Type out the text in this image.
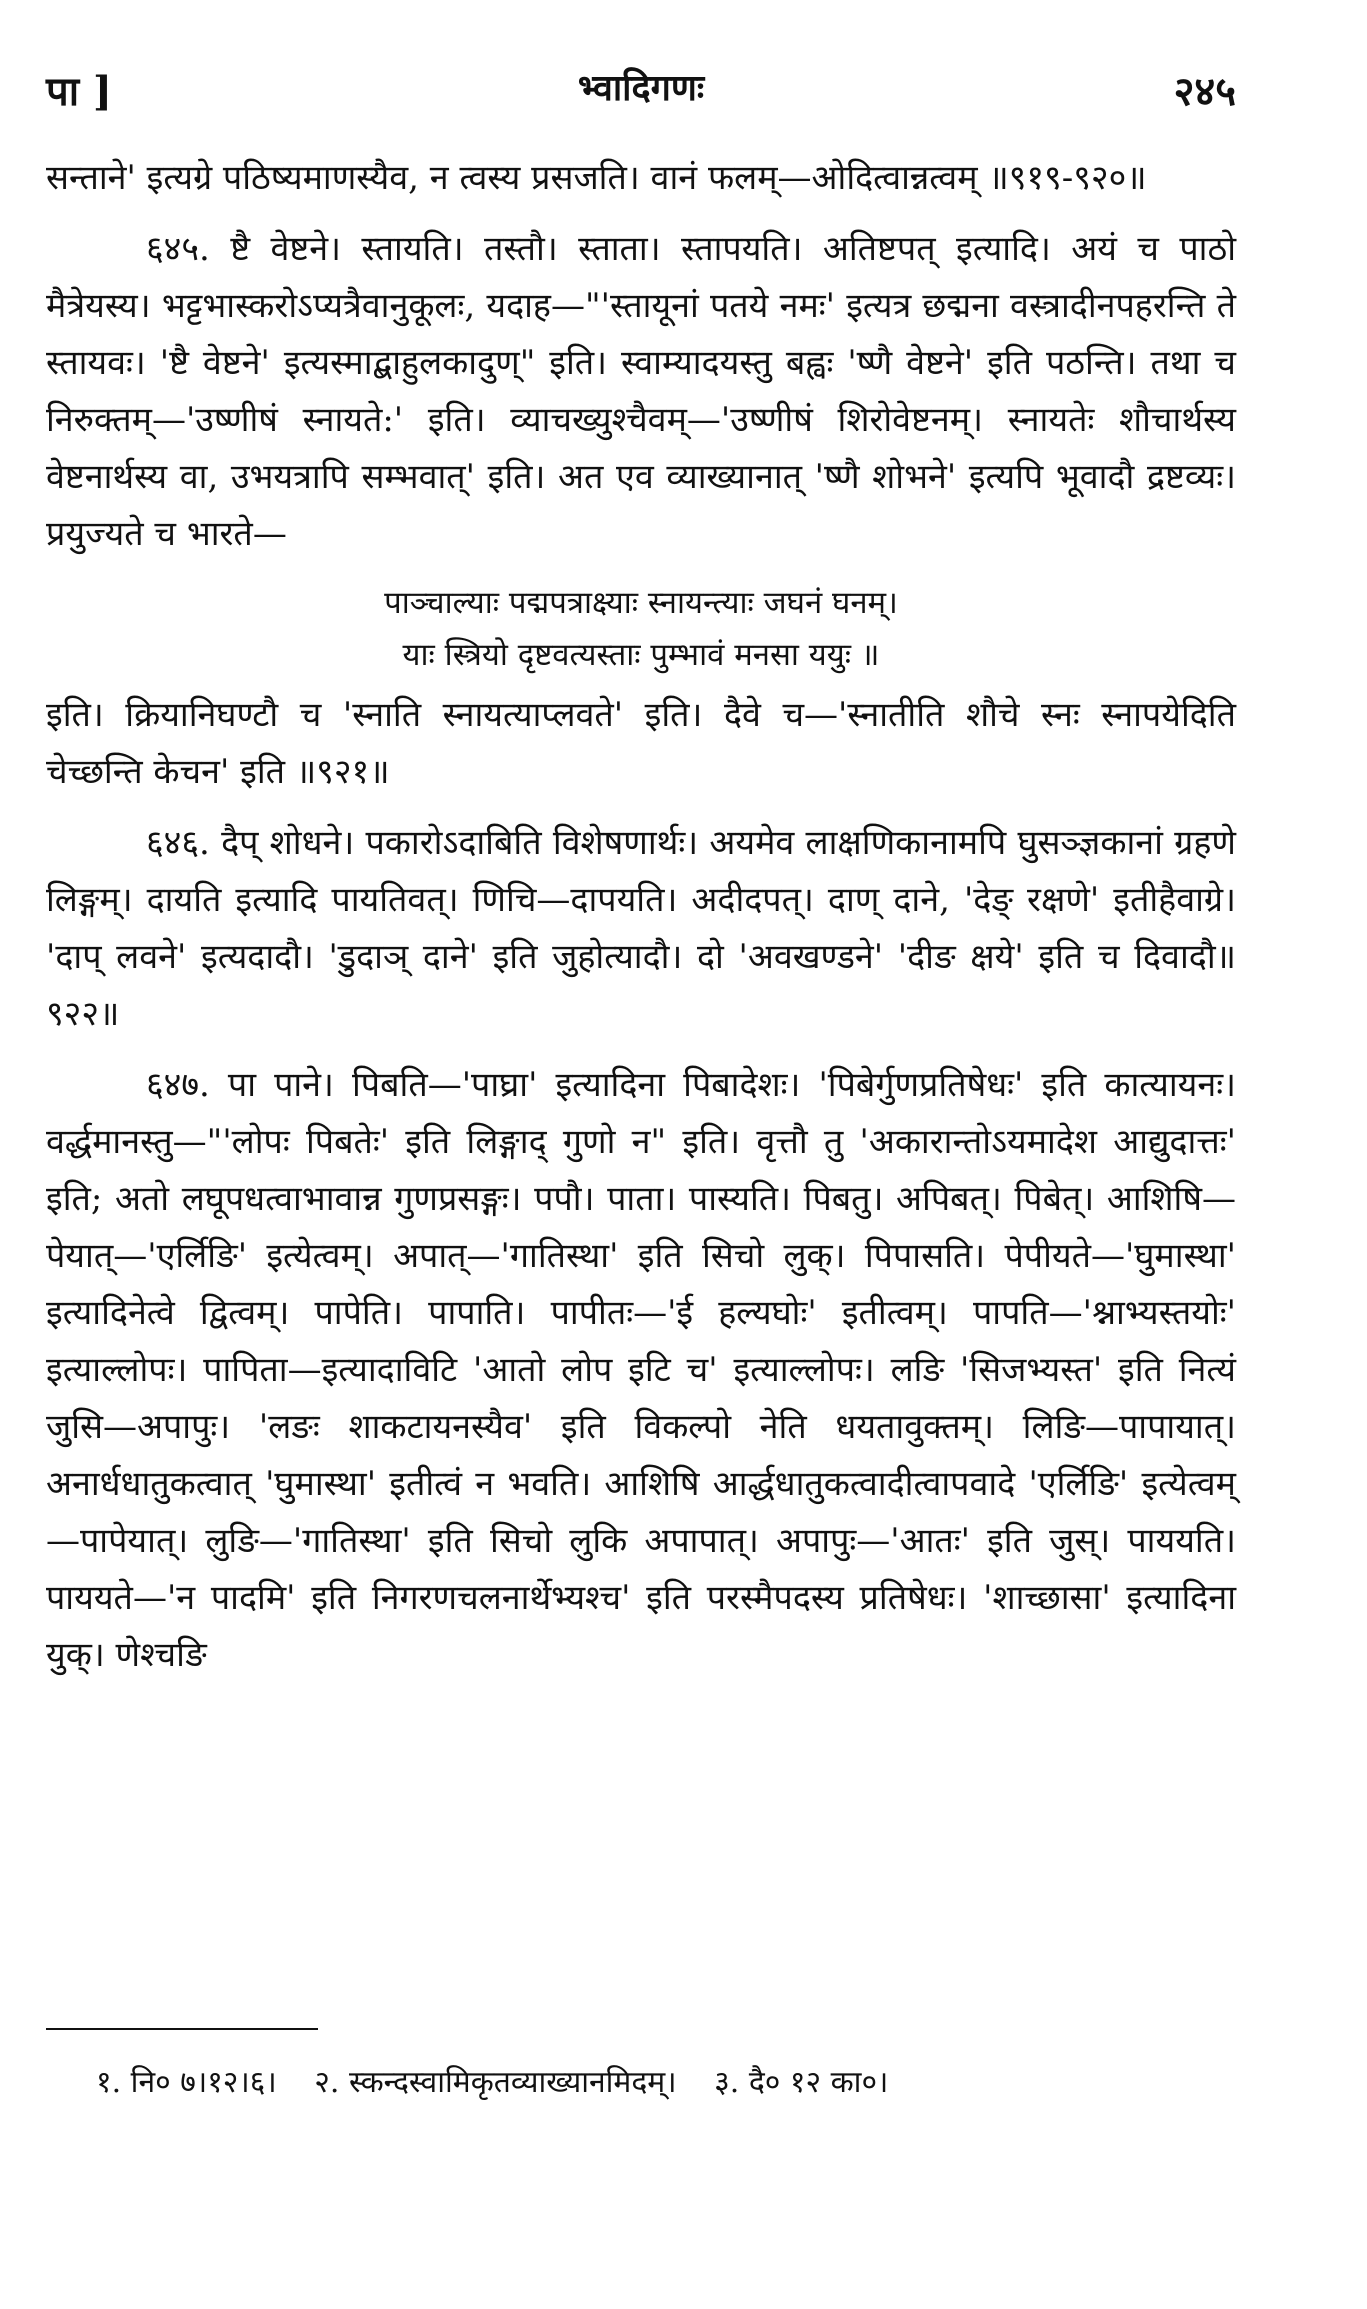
पा ]	भ्वादिगणः	२४५

सन्ताने' इत्यग्रे पठिष्यमाणस्यैव, न त्वस्य प्रसजति। वानं फलम्—ओदित्वान्नत्वम् ॥९१९-९२०॥

६४५. ष्टै वेष्टने। स्तायति। तस्तौ। स्ताता। स्तापयति। अतिष्टपत् इत्यादि। अयं च पाठो मैत्रेयस्य। भट्टभास्करोऽप्यत्रैवानुकूलः, यदाह—"'स्तायूनां पतये नमः' इत्यत्र छद्मना वस्त्रादीनपहरन्ति ते स्तायवः। 'ष्टै वेष्टने' इत्यस्माद्बाहुलकादुण्" इति। स्वाम्यादयस्तु बह्वः 'ष्णै वेष्टने' इति पठन्ति। तथा च निरुक्तम्—'उष्णीषं स्नायते:' इति। व्याचख्युश्चैवम्—'उष्णीषं शिरोवेष्टनम्। स्नायतेः शौचार्थस्य वेष्टनार्थस्य वा, उभयत्रापि सम्भवात्' इति। अत एव व्याख्यानात् 'ष्णै शोभने' इत्यपि भूवादौ द्रष्टव्यः। प्रयुज्यते च भारते—

पाञ्चाल्याः पद्मपत्राक्ष्याः स्नायन्त्याः जघनं घनम्।
याः स्त्रियो दृष्टवत्यस्ताः पुम्भावं मनसा ययुः ॥

इति। क्रियानिघण्टौ च 'स्नाति स्नायत्याप्लवते' इति। दैवे च—'स्नातीति शौचे स्नः स्नापयेदिति चेच्छन्ति केचन' इति ॥९२१॥

६४६. दैप् शोधने। पकारोऽदाबिति विशेषणार्थः। अयमेव लाक्षणिकानामपि घुसञ्ज्ञकानां ग्रहणे लिङ्गम्। दायति इत्यादि पायतिवत्। णिचि—दापयति। अदीदपत्। दाण् दाने, 'देङ् रक्षणे' इतीहैवाग्रे। 'दाप् लवने' इत्यदादौ। 'डुदाञ् दाने' इति जुहोत्यादौ। दो 'अवखण्डने' 'दीङ क्षये' इति च दिवादौ॥ ९२२॥

६४७. पा पाने। पिबति—'पाघ्रा' इत्यादिना पिबादेशः। 'पिबेर्गुणप्रतिषेधः' इति कात्यायनः। वर्द्धमानस्तु—"'लोपः पिबतेः' इति लिङ्गाद् गुणो न" इति। वृत्तौ तु 'अकारान्तोऽयमादेश आद्युदात्तः' इति; अतो लघूपधत्वाभावान्न गुणप्रसङ्गः। पपौ। पाता। पास्यति। पिबतु। अपिबत्। पिबेत्। आशिषि—पेयात्—'एर्लिङि' इत्येत्वम्। अपात्—'गातिस्था' इति सिचो लुक्। पिपासति। पेपीयते—'घुमास्था' इत्यादिनेत्वे द्वित्वम्। पापेति। पापाति। पापीतः—'ई हल्यघोः' इतीत्वम्। पापति—'श्नाभ्यस्तयोः' इत्याल्लोपः। पापिता—इत्यादाविटि 'आतो लोप इटि च' इत्याल्लोपः। लङि 'सिजभ्यस्त' इति नित्यं जुसि—अपापुः। 'लङः शाकटायनस्यैव' इति विकल्पो नेति धयतावुक्तम्। लिङि—पापायात्। अनार्धधातुकत्वात् 'घुमास्था' इतीत्वं न भवति। आशिषि आर्द्धधातुकत्वादीत्वापवादे 'एर्लिङि' इत्येत्वम्—पापेयात्। लुङि—'गातिस्था' इति सिचो लुकि अपापात्। अपापुः—'आतः' इति जुस्। पाययति। पाययते—'न पादमि' इति निगरणचलनार्थेभ्यश्च' इति परस्मैपदस्य प्रतिषेधः। 'शाच्छासा' इत्यादिना युक्। णेश्चङि

१. नि० ७।१२।६। २. स्कन्दस्वामिकृतव्याख्यानमिदम्। ३. दै० १२ का०।
